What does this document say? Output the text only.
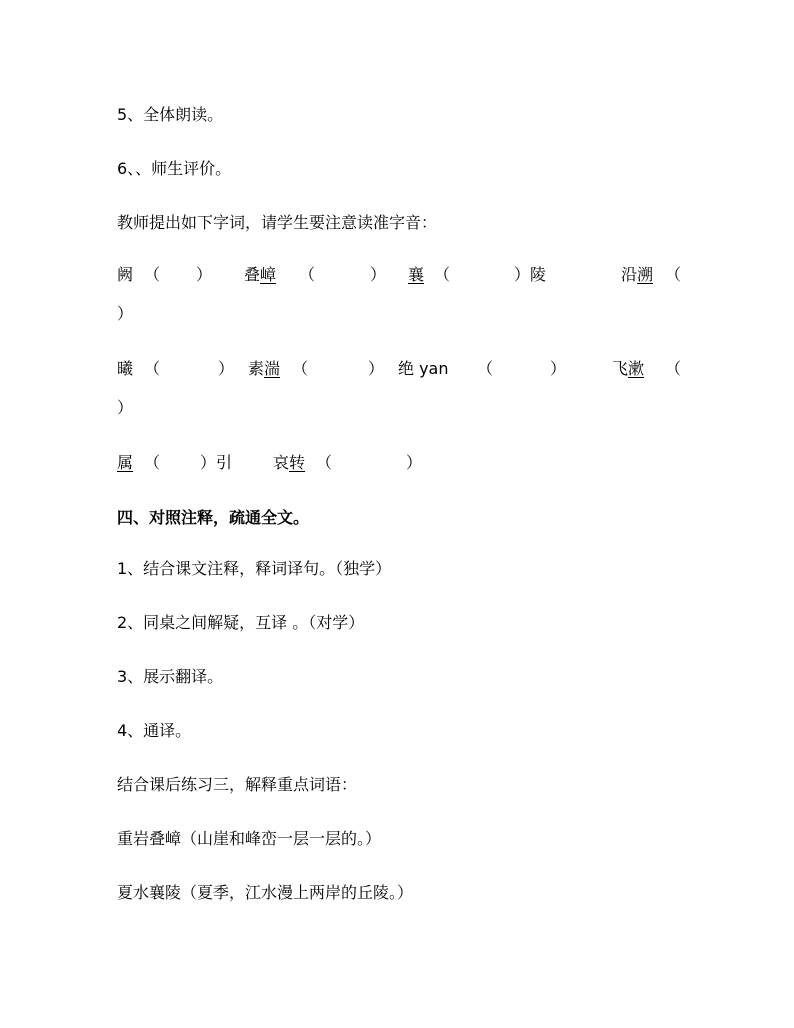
5、全体朗读。
6、、师生评价。
教师提出如下字词，请学生要注意读准字音：
阙 （ ） 叠嶂 （	） 襄 （	）陵	沿溯 （
）
曦 （	） 素湍 （	） 绝 yan （	）	飞漱 （
）
属 （ ）引	哀转 （	）
四、对照注释，疏通全文。
1、结合课文注释，释词译句。（独学）
2、同桌之间解疑，互译 。（对学）
3、展示翻译。
4、通译。
结合课后练习三，解释重点词语：
重岩叠嶂（山崖和峰峦一层一层的。）
夏水襄陵（夏季，江水漫上两岸的丘陵。）
